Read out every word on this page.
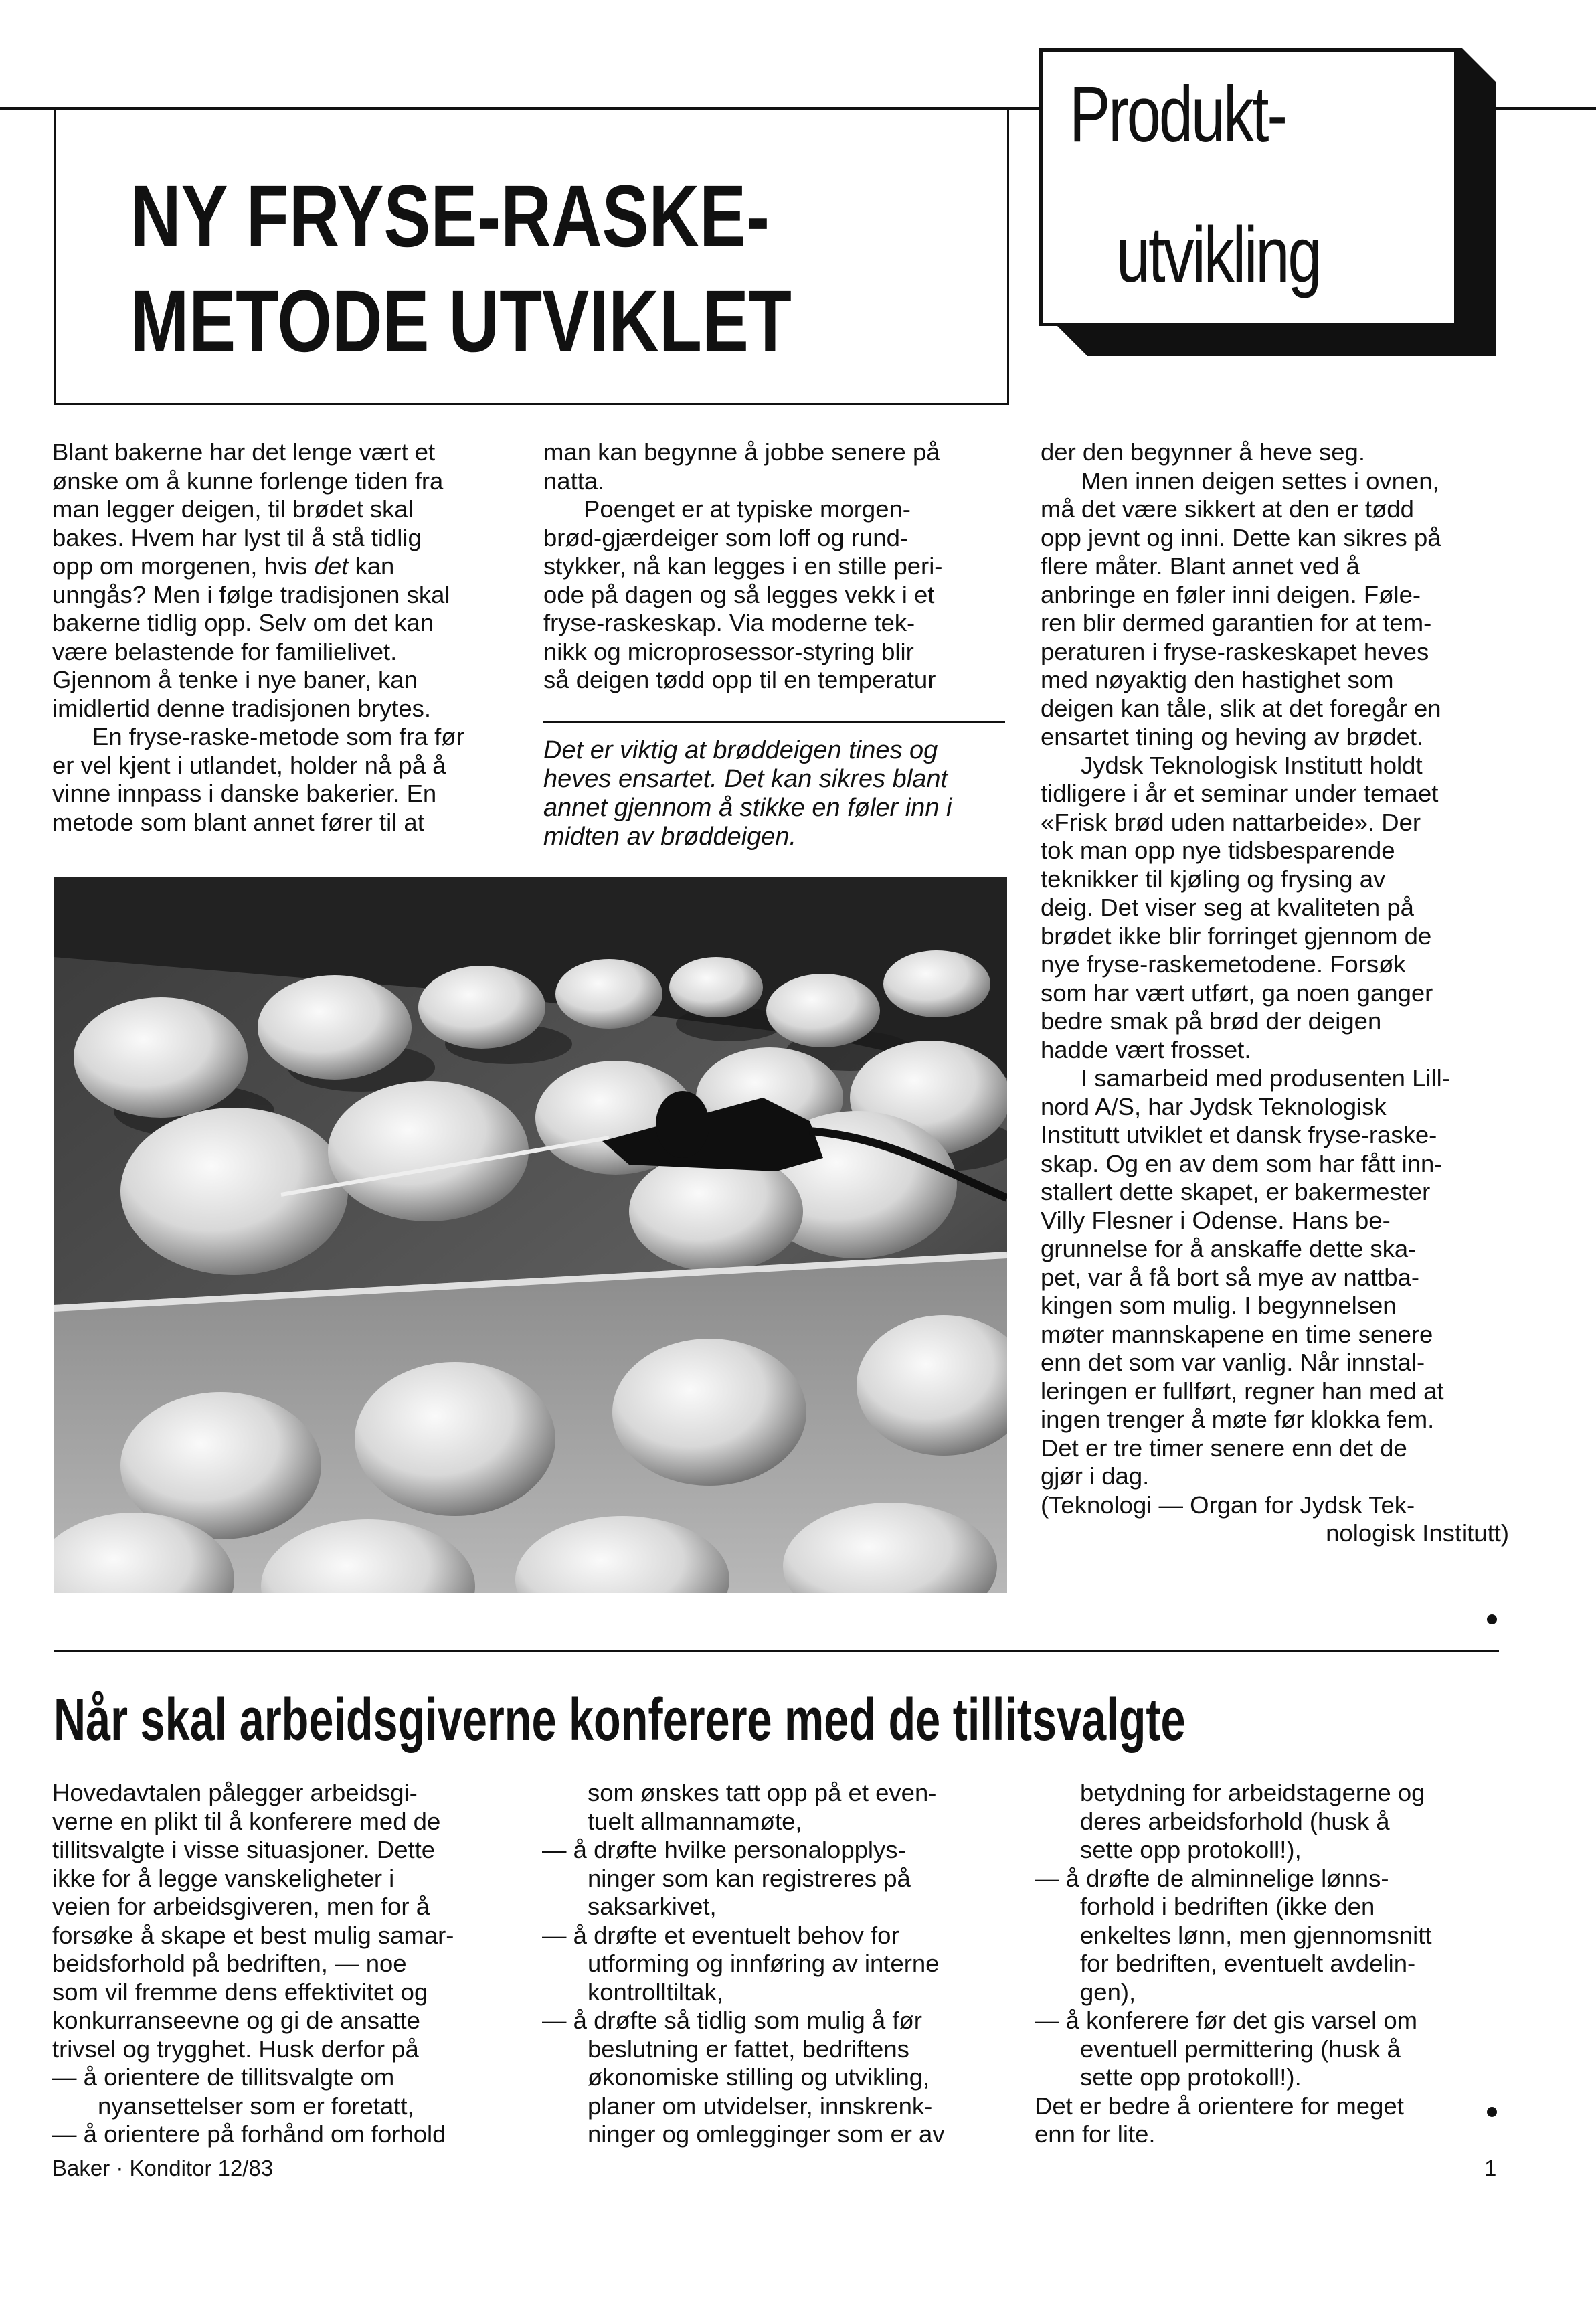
NY FRYSE-RASKE-
METODE UTVIKLET
Produkt-
utvikling

Blant bakerne har det lenge vært et

ønske om å kunne forlenge tiden fra

man legger deigen, til brødet skal

bakes. Hvem har lyst til å stå tidlig

opp om morgenen, hvis det kan

unngås? Men i følge tradisjonen skal

bakerne tidlig opp. Selv om det kan

være belastende for familielivet.

Gjennom å tenke i nye baner, kan

imidlertid denne tradisjonen brytes.

En fryse-raske-metode som fra før

er vel kjent i utlandet, holder nå på å

vinne innpass i danske bakerier. En

metode som blant annet fører til at

man kan begynne å jobbe senere på

natta.

Poenget er at typiske morgen-

brød-gjærdeiger som loff og rund-

stykker, nå kan legges i en stille peri-

ode på dagen og så legges vekk i et

fryse-raskeskap. Via moderne tek-

nikk og microprosessor-styring blir

så deigen tødd opp til en temperatur

Det er viktig at brøddeigen tines og

heves ensartet. Det kan sikres blant

annet gjennom å stikke en føler inn i

midten av brøddeigen.

der den begynner å heve seg.

Men innen deigen settes i ovnen,

må det være sikkert at den er tødd

opp jevnt og inni. Dette kan sikres på

flere måter. Blant annet ved å

anbringe en føler inni deigen. Føle-

ren blir dermed garantien for at tem-

peraturen i fryse-raskeskapet heves

med nøyaktig den hastighet som

deigen kan tåle, slik at det foregår en

ensartet tining og heving av brødet.

Jydsk Teknologisk Institutt holdt

tidligere i år et seminar under temaet

«Frisk brød uden nattarbeide». Der

tok man opp nye tidsbesparende

teknikker til kjøling og frysing av

deig. Det viser seg at kvaliteten på

brødet ikke blir forringet gjennom de

nye fryse-raskemetodene. Forsøk

som har vært utført, ga noen ganger

bedre smak på brød der deigen

hadde vært frosset.

I samarbeid med produsenten Lill-

nord A/S, har Jydsk Teknologisk

Institutt utviklet et dansk fryse-raske-

skap. Og en av dem som har fått inn-

stallert dette skapet, er bakermester

Villy Flesner i Odense. Hans be-

grunnelse for å anskaffe dette ska-

pet, var å få bort så mye av nattba-

kingen som mulig. I begynnelsen

møter mannskapene en time senere

enn det som var vanlig. Når innstal-

leringen er fullført, regner han med at

ingen trenger å møte før klokka fem.

Det er tre timer senere enn det de

gjør i dag.

(Teknologi — Organ for Jydsk Tek-

nologisk Institutt)

Når skal arbeidsgiverne konferere med de tillitsvalgte

Hovedavtalen pålegger arbeidsgi-

verne en plikt til å konferere med de

tillitsvalgte i visse situasjoner. Dette

ikke for å legge vanskeligheter i

veien for arbeidsgiveren, men for å

forsøke å skape et best mulig samar-

beidsforhold på bedriften, — noe

som vil fremme dens effektivitet og

konkurranseevne og gi de ansatte

trivsel og trygghet. Husk derfor på

— å orientere de tillitsvalgte om

nyansettelser som er foretatt,

— å orientere på forhånd om forhold

som ønskes tatt opp på et even-

tuelt allmannamøte,

— å drøfte hvilke personalopplys-

ninger som kan registreres på

saksarkivet,

— å drøfte et eventuelt behov for

utforming og innføring av interne

kontrolltiltak,

— å drøfte så tidlig som mulig å før

beslutning er fattet, bedriftens

økonomiske stilling og utvikling,

planer om utvidelser, innskrenk-

ninger og omlegginger som er av

betydning for arbeidstagerne og

deres arbeidsforhold (husk å

sette opp protokoll!),

— å drøfte de alminnelige lønns-

forhold i bedriften (ikke den

enkeltes lønn, men gjennomsnitt

for bedriften, eventuelt avdelin-

gen),

— å konferere før det gis varsel om

eventuell permittering (husk å

sette opp protokoll!).

Det er bedre å orientere for meget

enn for lite.

Baker · Konditor 12/83	1
